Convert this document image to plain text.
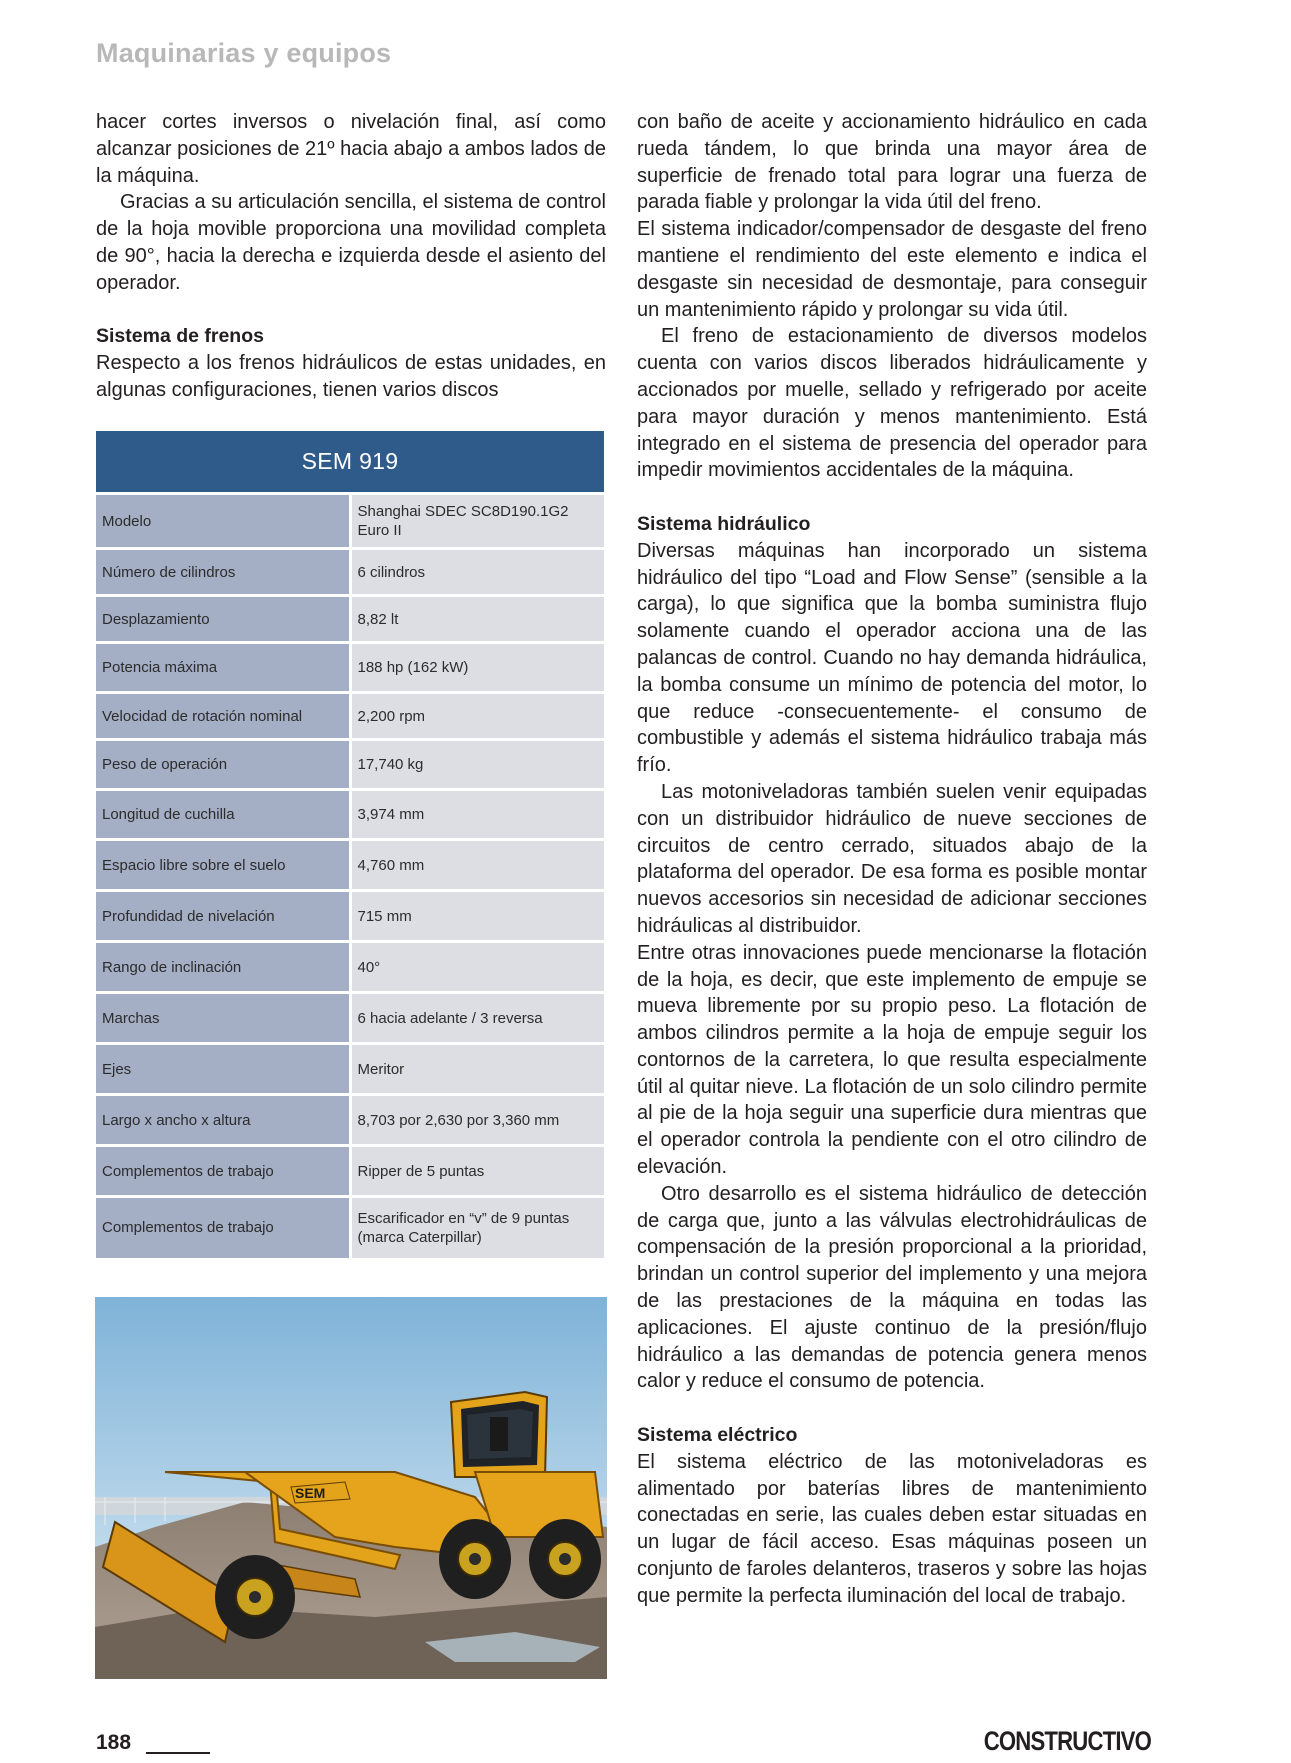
Maquinarias y equipos

hacer cortes inversos o nivelación final, así como alcanzar posiciones de 21º hacia abajo a ambos lados de la máquina.

Gracias a su articulación sencilla, el sistema de control de la hoja movible proporciona una movilidad completa de 90°, hacia la derecha e izquierda desde el asiento del operador.

Sistema de frenos

Respecto a los frenos hidráulicos de estas unidades, en algunas configuraciones, tienen varios discos

SEM 919	
Modelo	Shanghai SDEC SC8D190.1G2 Euro II
Número de cilindros	6 cilindros
Desplazamiento	8,82 lt
Potencia máxima	188 hp (162 kW)
Velocidad de rotación nominal	2,200 rpm
Peso de operación	17,740 kg
Longitud de cuchilla	3,974 mm
Espacio libre sobre el suelo	4,760 mm
Profundidad de nivelación	715 mm
Rango de inclinación	40°
Marchas	6 hacia adelante / 3 reversa
Ejes	Meritor
Largo x ancho x altura	8,703 por 2,630 por 3,360 mm
Complementos de trabajo	Ripper de 5 puntas
Complementos de trabajo	Escarificador en “v” de 9 puntas (marca Caterpillar)
SEM

con baño de aceite y accionamiento hidráulico en cada rueda tándem, lo que brinda una mayor área de superficie de frenado total para lograr una fuerza de parada fiable y prolongar la vida útil del freno.

El sistema indicador/compensador de desgaste del freno mantiene el rendimiento del este elemento e indica el desgaste sin necesidad de desmontaje, para conseguir un mantenimiento rápido y prolongar su vida útil.

El freno de estacionamiento de diversos modelos cuenta con varios discos liberados hidráulicamente y accionados por muelle, sellado y refrigerado por aceite para mayor duración y menos mantenimiento. Está integrado en el sistema de presencia del operador para impedir movimientos accidentales de la máquina.

Sistema hidráulico

Diversas máquinas han incorporado un sistema hidráulico del tipo “Load and Flow Sense” (sensible a la carga), lo que significa que la bomba suministra flujo solamente cuando el operador acciona una de las palancas de control. Cuando no hay demanda hidráulica, la bomba consume un mínimo de potencia del motor, lo que reduce -consecuentemente- el consumo de combustible y además el sistema hidráulico trabaja más frío.

Las motoniveladoras también suelen venir equipadas con un distribuidor hidráulico de nueve secciones de circuitos de centro cerrado, situados abajo de la plataforma del operador. De esa forma es posible montar nuevos accesorios sin necesidad de adicionar secciones hidráulicas al distribuidor.

Entre otras innovaciones puede mencionarse la flotación de la hoja, es decir, que este implemento de empuje se mueva libremente por su propio peso. La flotación de ambos cilindros permite a la hoja de empuje seguir los contornos de la carretera, lo que resulta especialmente útil al quitar nieve. La flotación de un solo cilindro permite al pie de la hoja seguir una superficie dura mientras que el operador controla la pendiente con el otro cilindro de elevación.

Otro desarrollo es el sistema hidráulico de detección de carga que, junto a las válvulas electrohidráulicas de compensación de la presión proporcional a la prioridad, brindan un control superior del implemento y una mejora de las prestaciones de la máquina en todas las aplicaciones. El ajuste continuo de la presión/flujo hidráulico a las demandas de potencia genera menos calor y reduce el consumo de potencia.

Sistema eléctrico

El sistema eléctrico de las motoniveladoras es alimentado por baterías libres de mantenimiento conectadas en serie, las cuales deben estar situadas en un lugar de fácil acceso. Esas máquinas poseen un conjunto de faroles delanteros, traseros y sobre las hojas que permite la perfecta iluminación del local de trabajo.

188	CONSTRUCTIVO
